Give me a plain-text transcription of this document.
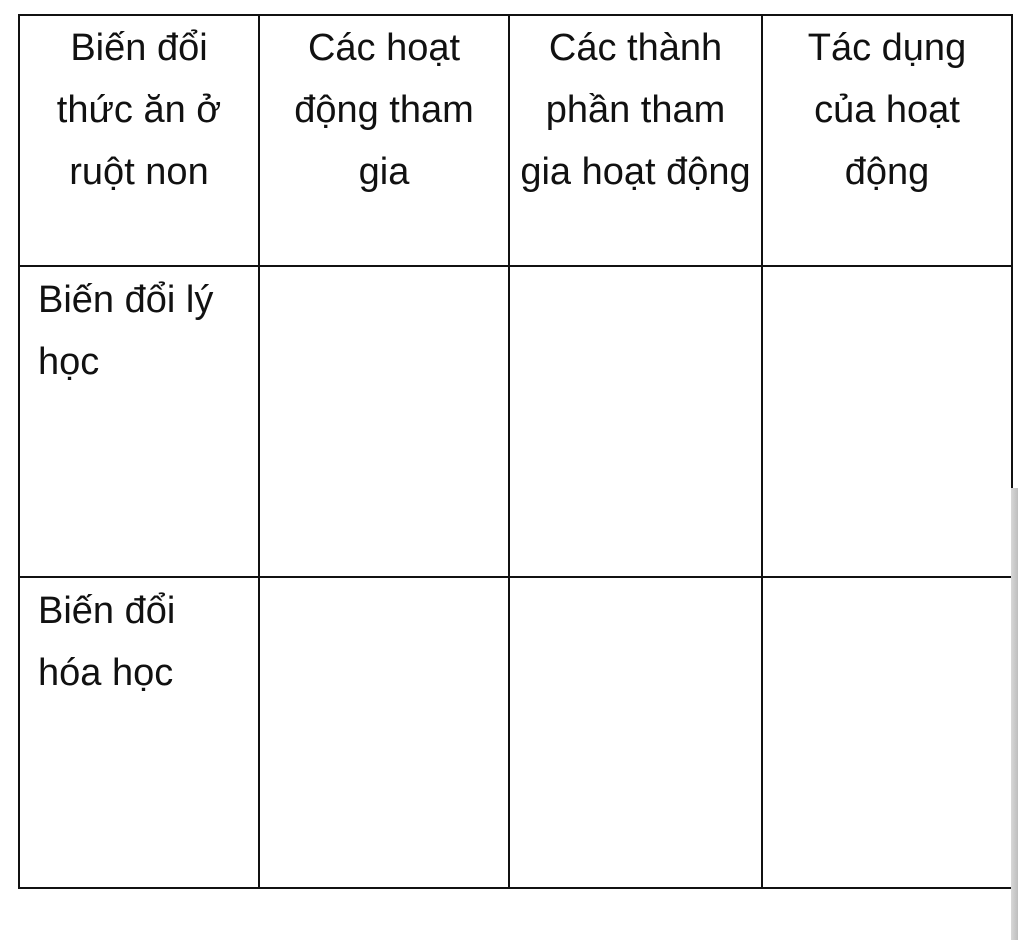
Biến đổi thức ăn ở ruột non	Các hoạt động tham gia	Các thành phần tham gia hoạt động	Tác dụng của hoạt động

Biến đổi lý học			

Biến đổi hóa học			
